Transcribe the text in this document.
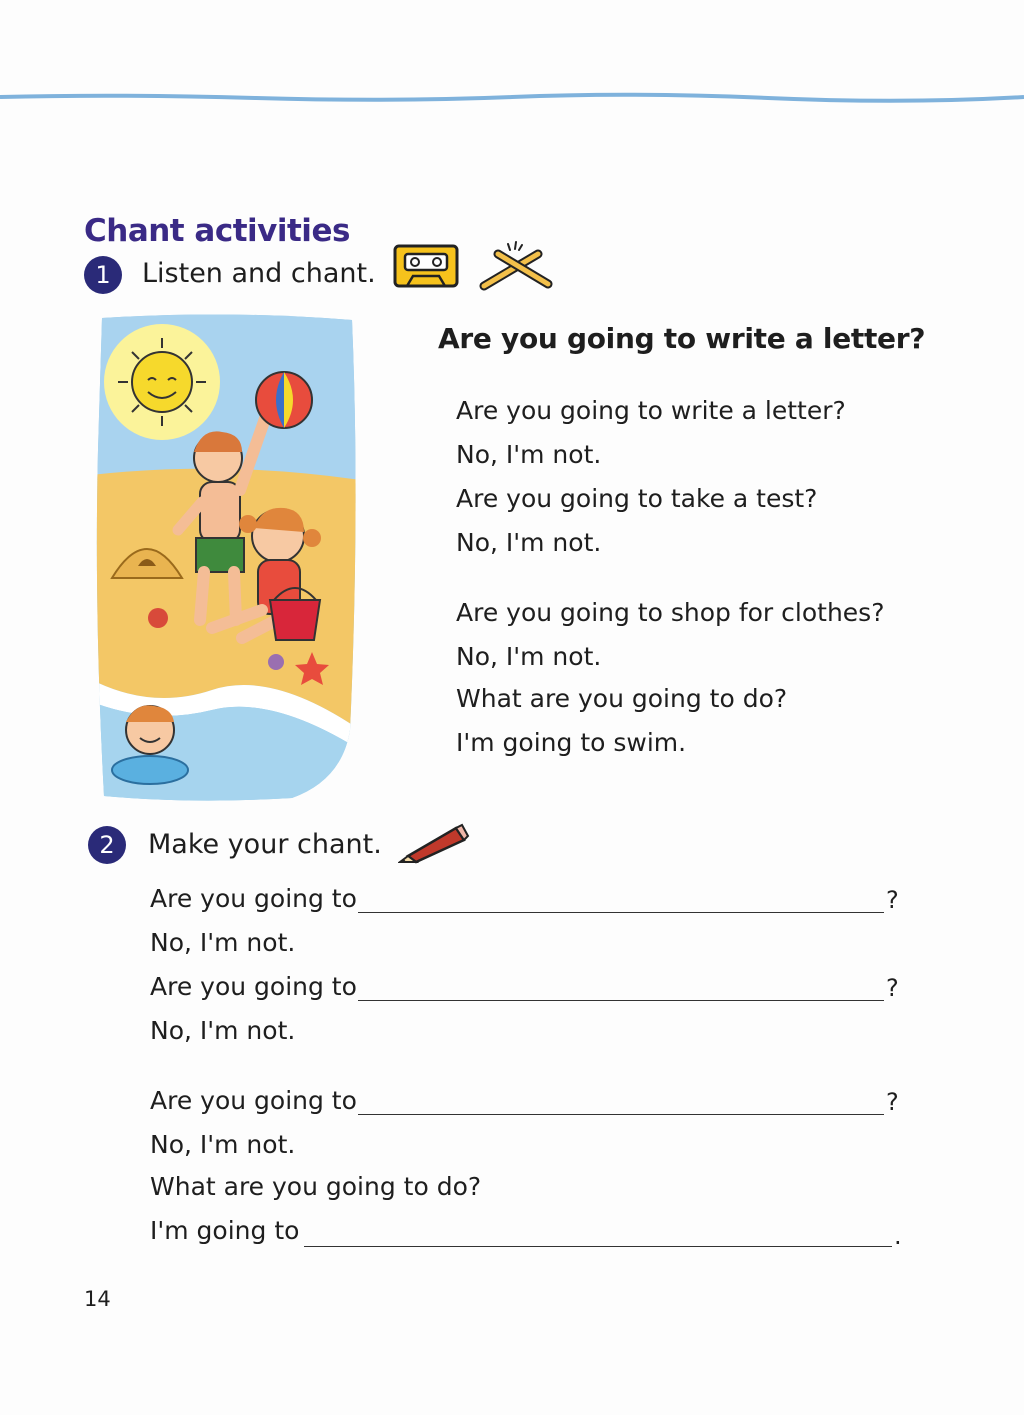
Chant activities
1	Listen and chant.
Are you going to write a letter?
Are you going to write a letter?
No, I'm not.
Are you going to take a test?
No, I'm not.
Are you going to shop for clothes?
No, I'm not.
What are you going to do?
I'm going to swim.
2	Make your chant.
Are you going to	?
No, I'm not.
Are you going to	?
No, I'm not.
Are you going to	?
No, I'm not.
What are you going to do?
I'm going to	.
14
